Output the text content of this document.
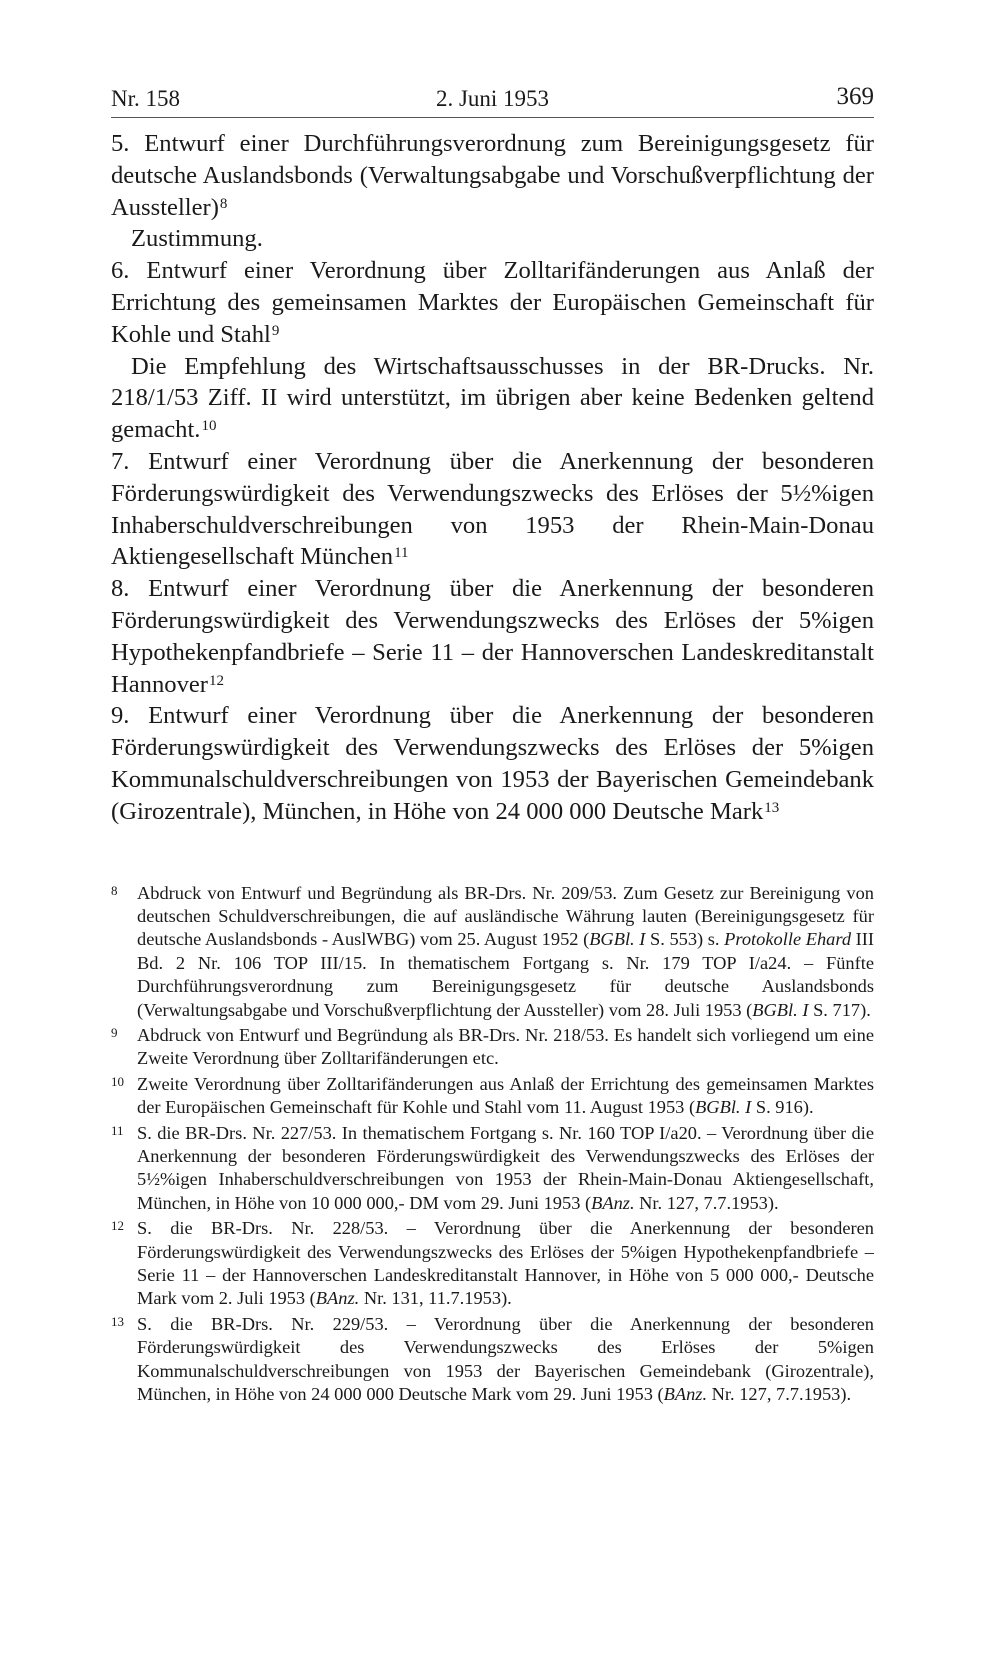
Nr. 158	2. Juni 1953	369

5. Entwurf einer Durchführungsverordnung zum Bereinigungsgesetz für deutsche Auslandsbonds (Verwaltungsabgabe und Vorschußverpflichtung der Aussteller)$^8$

Zustimmung.

6. Entwurf einer Verordnung über Zolltarifänderungen aus Anlaß der Errichtung des gemeinsamen Marktes der Europäischen Gemeinschaft für Kohle und Stahl$^9$

Die Empfehlung des Wirtschaftsausschusses in der BR-Drucks. Nr. 218/1/53 Ziff. II wird unterstützt, im übrigen aber keine Bedenken geltend gemacht.$^{10}$

7. Entwurf einer Verordnung über die Anerkennung der besonderen Förderungswürdigkeit des Verwendungszwecks des Erlöses der 5½%igen Inhaberschuldverschreibungen von 1953 der Rhein-Main-Donau Aktiengesellschaft München$^{11}$

8. Entwurf einer Verordnung über die Anerkennung der besonderen Förderungswürdigkeit des Verwendungszwecks des Erlöses der 5%igen Hypothekenpfandbriefe – Serie 11 – der Hannoverschen Landeskreditanstalt Hannover$^{12}$

9. Entwurf einer Verordnung über die Anerkennung der besonderen Förderungswürdigkeit des Verwendungszwecks des Erlöses der 5%igen Kommunalschuldverschreibungen von 1953 der Bayerischen Gemeindebank (Girozentrale), München, in Höhe von 24 000 000 Deutsche Mark$^{13}$

8 Abdruck von Entwurf und Begründung als BR-Drs. Nr. 209/53. Zum Gesetz zur Bereinigung von deutschen Schuldverschreibungen, die auf ausländische Währung lauten (Bereinigungsgesetz für deutsche Auslandsbonds - AuslWBG) vom 25. August 1952 (BGBl. I S. 553) s. Protokolle Ehard III Bd. 2 Nr. 106 TOP III/15. In thematischem Fortgang s. Nr. 179 TOP I/a24. – Fünfte Durchführungsverordnung zum Bereinigungsgesetz für deutsche Auslandsbonds (Verwaltungsabgabe und Vorschußverpflichtung der Aussteller) vom 28. Juli 1953 (BGBl. I S. 717).
9 Abdruck von Entwurf und Begründung als BR-Drs. Nr. 218/53. Es handelt sich vorliegend um eine Zweite Verordnung über Zolltarifänderungen etc.
10 Zweite Verordnung über Zolltarifänderungen aus Anlaß der Errichtung des gemeinsamen Marktes der Europäischen Gemeinschaft für Kohle und Stahl vom 11. August 1953 (BGBl. I S. 916).
11 S. die BR-Drs. Nr. 227/53. In thematischem Fortgang s. Nr. 160 TOP I/a20. – Verordnung über die Anerkennung der besonderen Förderungswürdigkeit des Verwendungszwecks des Erlöses der 5½%igen Inhaberschuldverschreibungen von 1953 der Rhein-Main-Donau Aktiengesellschaft, München, in Höhe von 10 000 000,- DM vom 29. Juni 1953 (BAnz. Nr. 127, 7.7.1953).
12 S. die BR-Drs. Nr. 228/53. – Verordnung über die Anerkennung der besonderen Förderungswürdigkeit des Verwendungszwecks des Erlöses der 5%igen Hypothekenpfandbriefe – Serie 11 – der Hannoverschen Landeskreditanstalt Hannover, in Höhe von 5 000 000,- Deutsche Mark vom 2. Juli 1953 (BAnz. Nr. 131, 11.7.1953).
13 S. die BR-Drs. Nr. 229/53. – Verordnung über die Anerkennung der besonderen Förderungswürdigkeit des Verwendungszwecks des Erlöses der 5%igen Kommunalschuldverschreibungen von 1953 der Bayerischen Gemeindebank (Girozentrale), München, in Höhe von 24 000 000 Deutsche Mark vom 29. Juni 1953 (BAnz. Nr. 127, 7.7.1953).
